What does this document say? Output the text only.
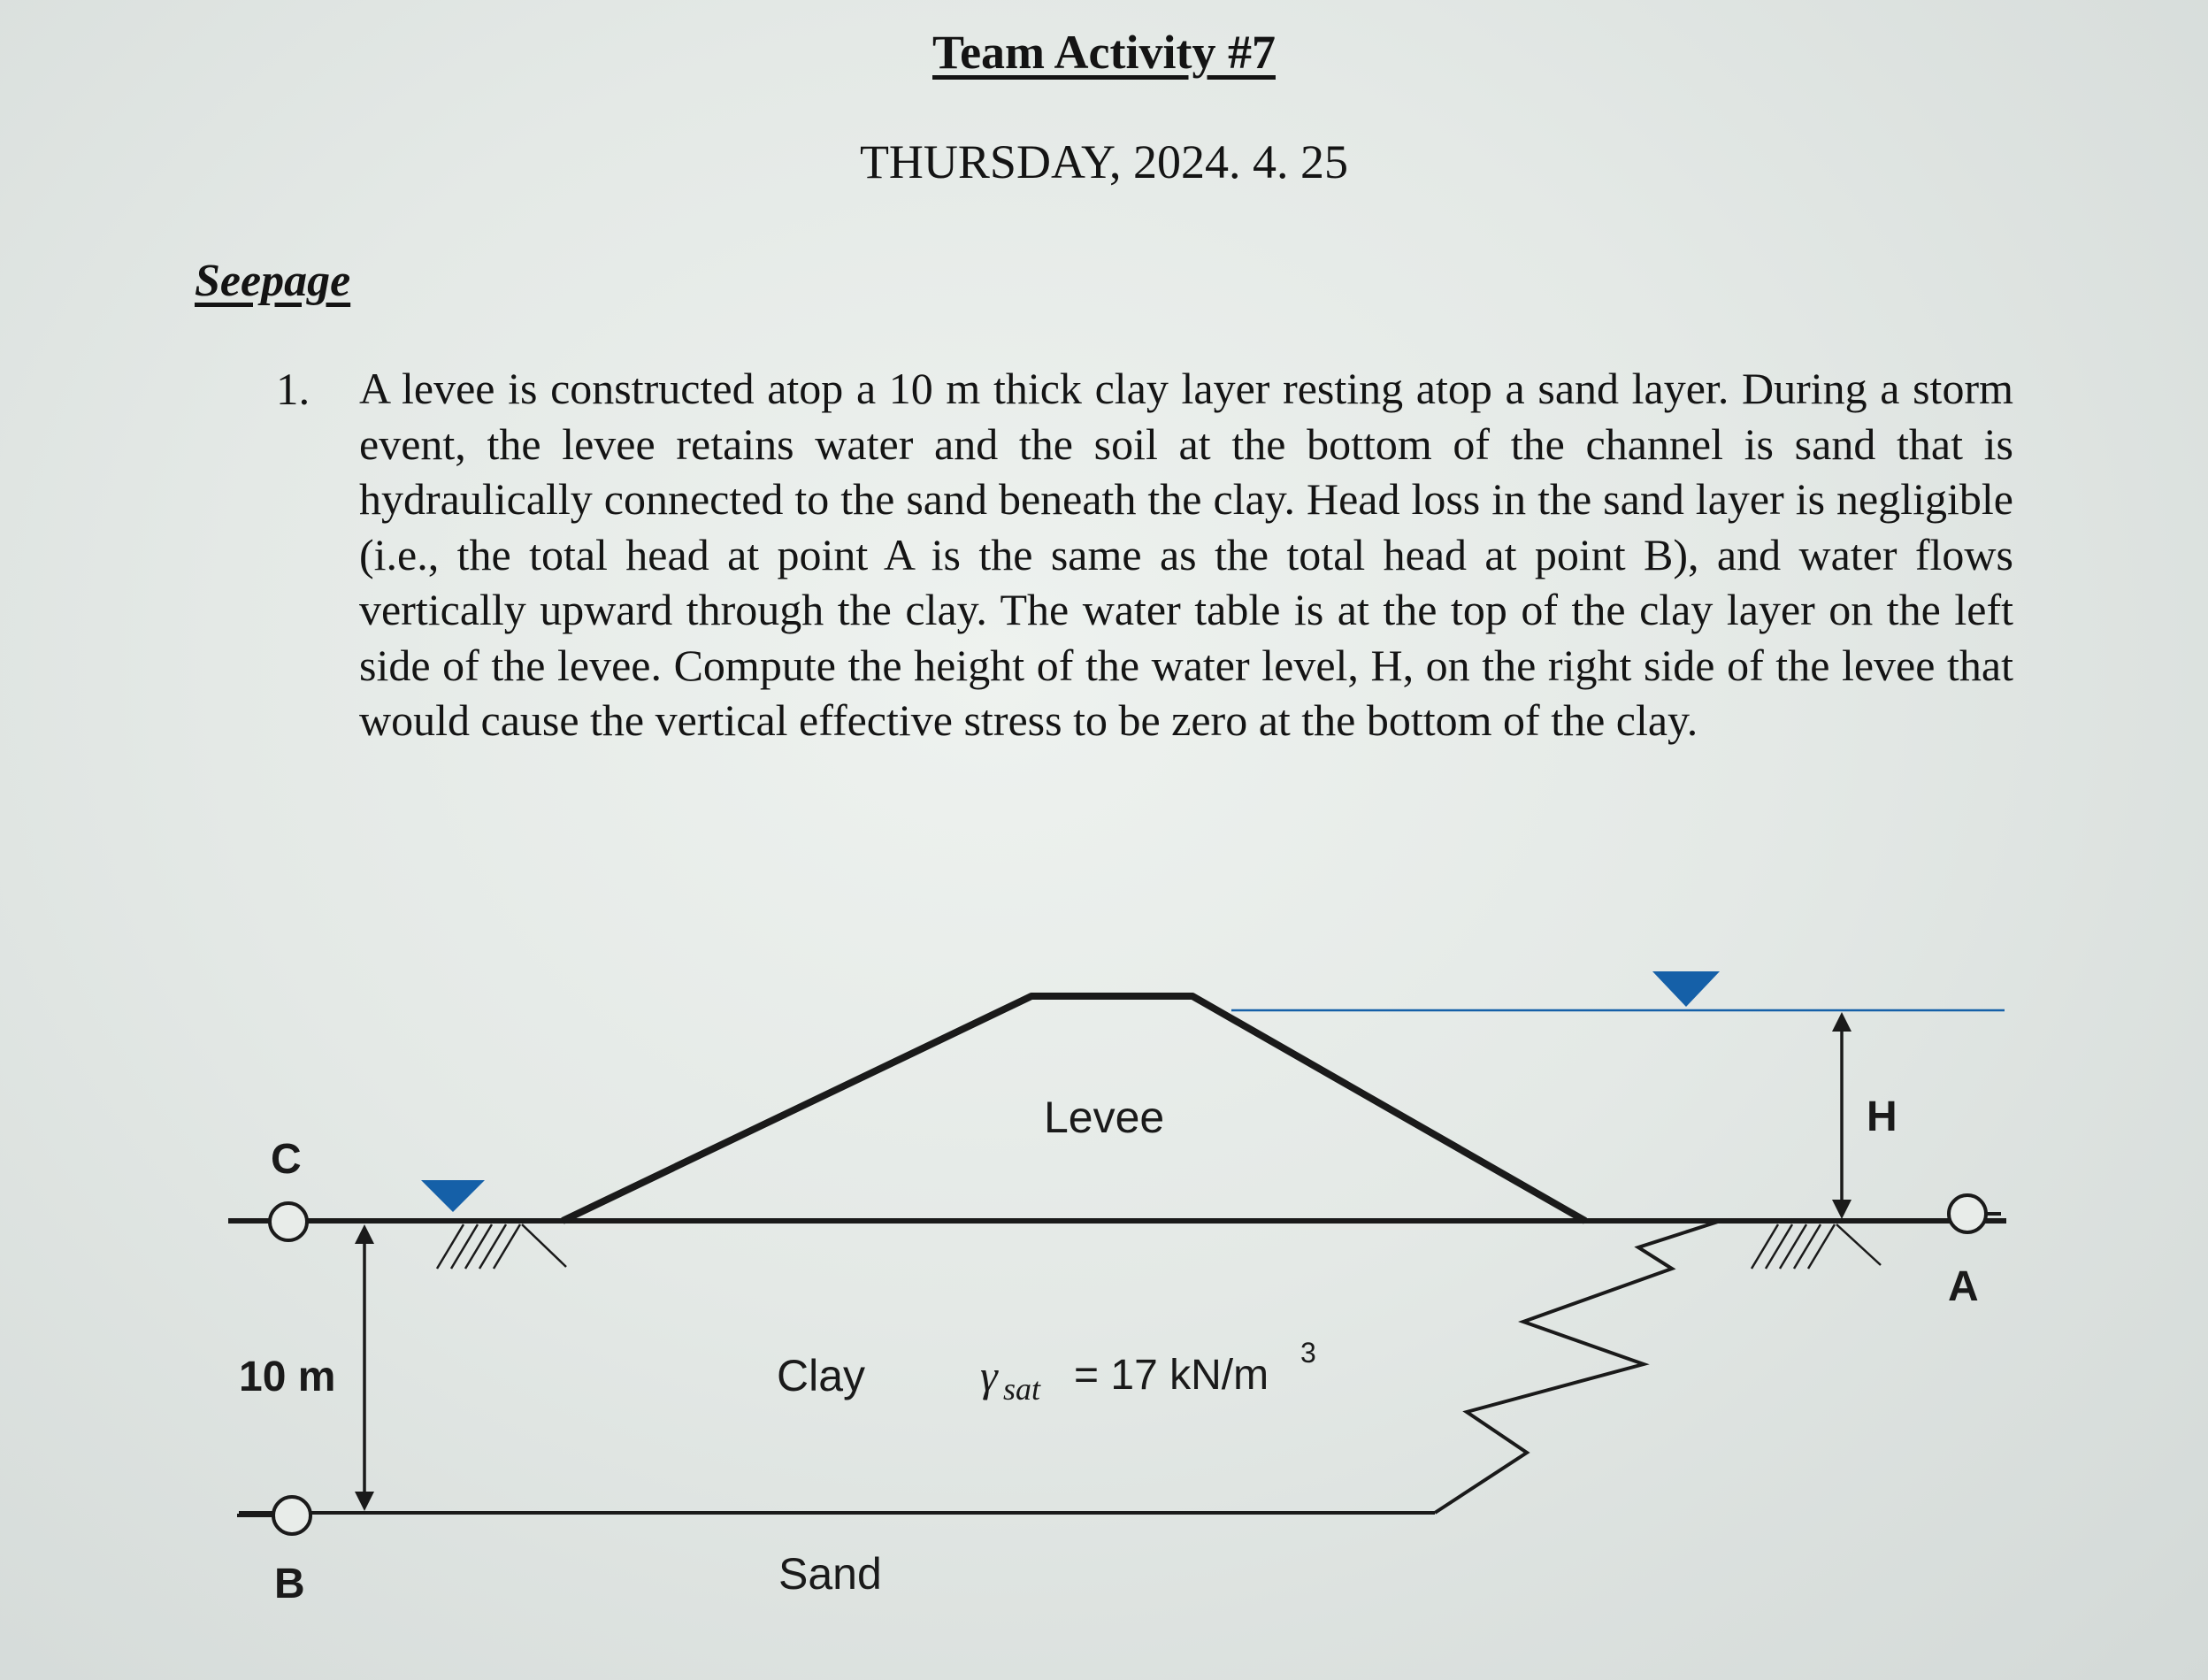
Team Activity #7
THURSDAY, 2024. 4. 25
Seepage
1. A levee is constructed atop a 10 m thick clay layer resting atop a sand layer. During a storm event, the levee retains water and the soil at the bottom of the channel is sand that is hydraulically connected to the sand beneath the clay. Head loss in the sand layer is negligible (i.e., the total head at point A is the same as the total head at point B), and water flows vertically upward through the clay. The water table is at the top of the clay layer on the left side of the levee. Compute the height of the water level, H, on the right side of the levee that would cause the vertical effective stress to be zero at the bottom of the clay.
Levee
Clay
Sand
10 m
C
B
A
H
γ sat = 17 kN/m 3
